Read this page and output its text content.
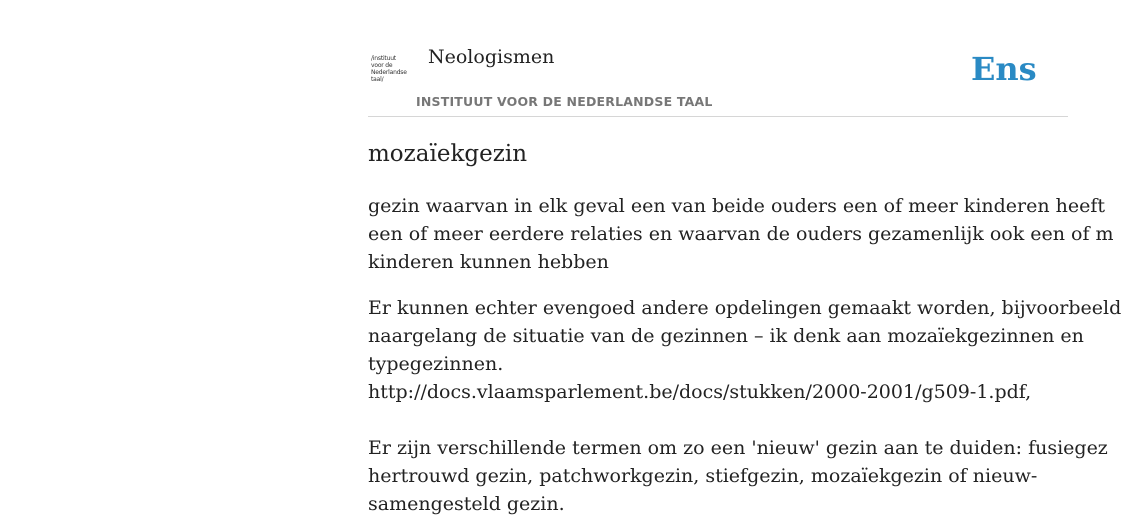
/instituut
voor de
Nederlandse
taal/
Neologismen
INSTITUUT VOOR DE NEDERLANDSE TAAL
Ens
mozaïekgezin

gezin waarvan in elk geval een van beide ouders een of meer kinderen heeft
een of meer eerdere relaties en waarvan de ouders gezamenlijk ook een of m
kinderen kunnen hebben

Er kunnen echter evengoed andere opdelingen gemaakt worden, bijvoorbeeld
naargelang de situatie van de gezinnen – ik denk aan mozaïekgezinnen en
typegezinnen.
http://docs.vlaamsparlement.be/docs/stukken/2000-2001/g509-1.pdf,
Er zijn verschillende termen om zo een 'nieuw' gezin aan te duiden: fusiegez
hertrouwd gezin, patchworkgezin, stiefgezin, mozaïekgezin of nieuw-
samengesteld gezin.
